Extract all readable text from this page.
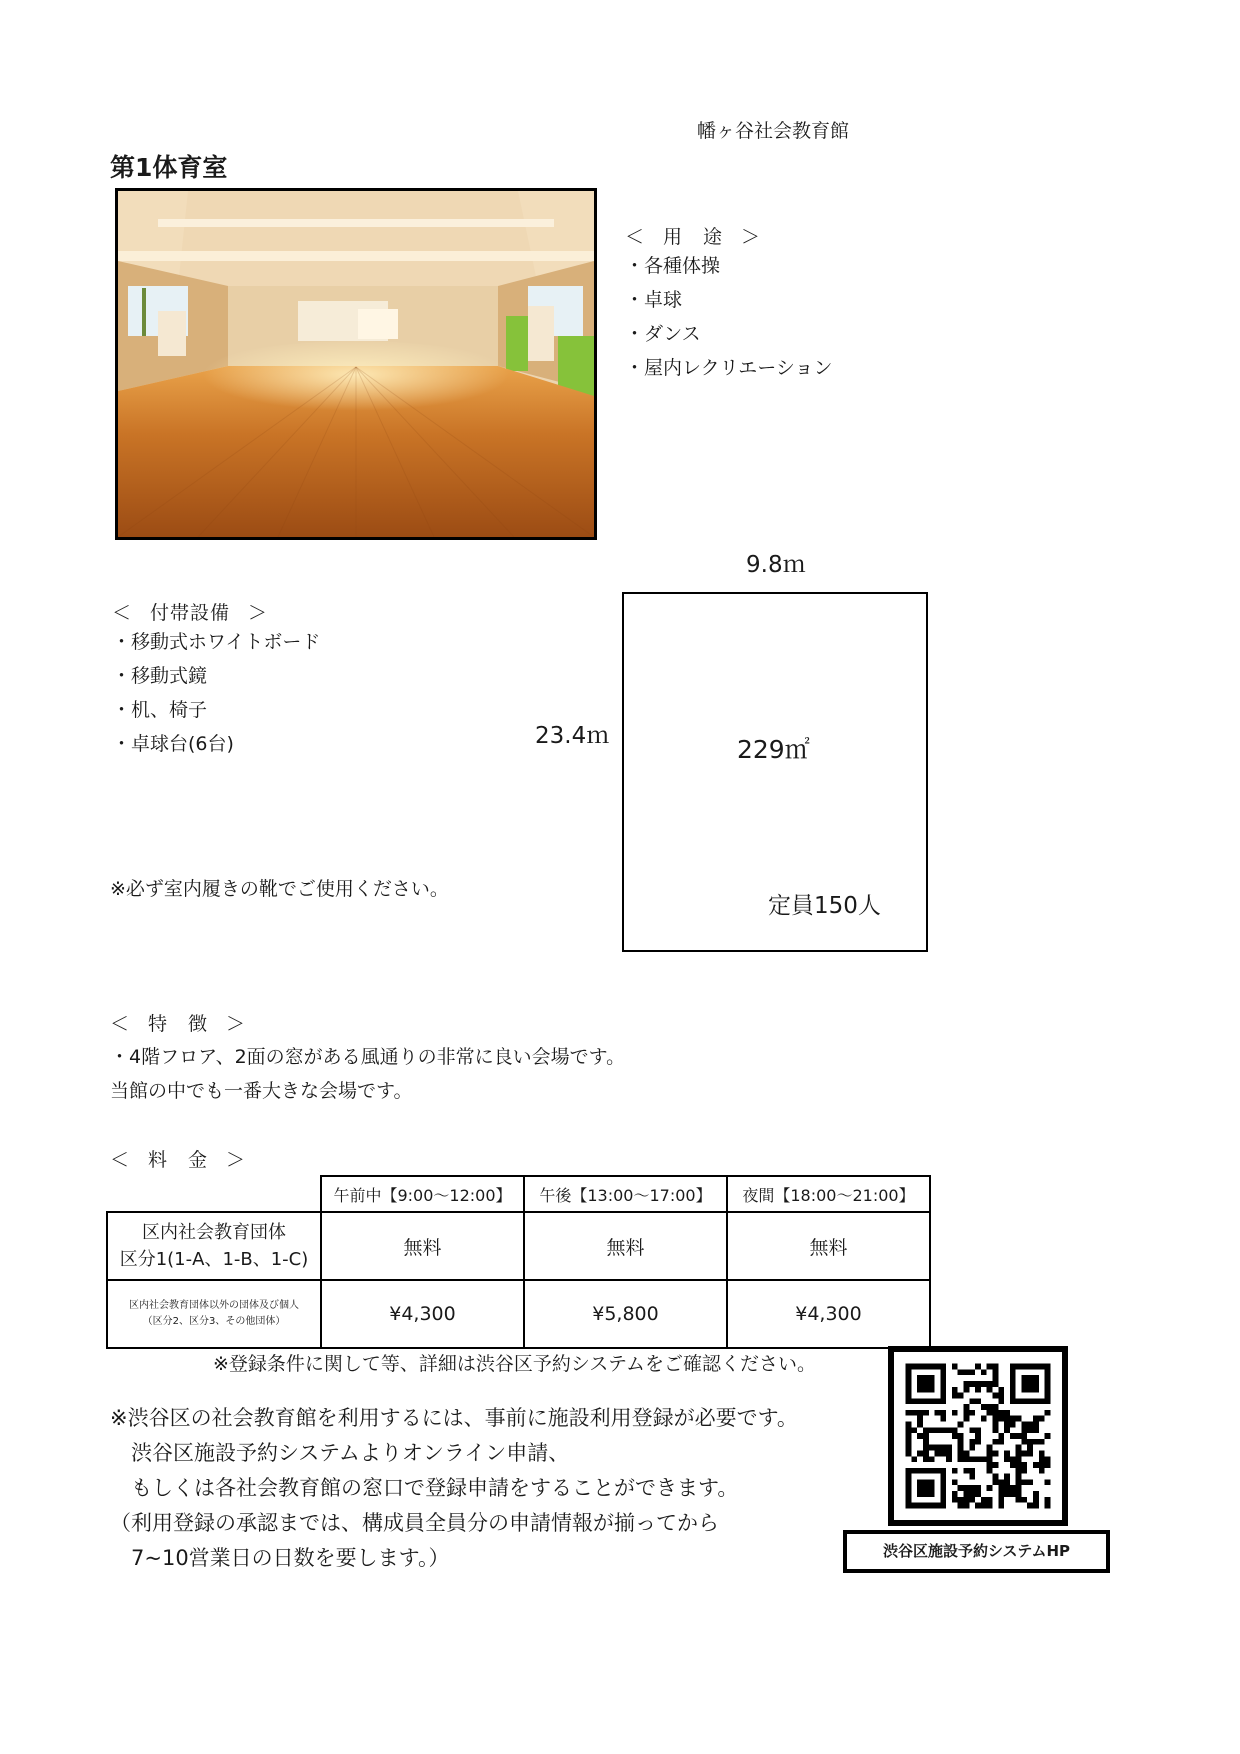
幡ヶ谷社会教育館
第1体育室
＜ 用　途 ＞
・各種体操
・卓球
・ダンス
・屋内レクリエーション
9.8ｍ
23.4ｍ	229㎡
定員150人
＜ 付帯設備 ＞
・移動式ホワイトボード
・移動式鏡
・机、椅子
・卓球台(6台)
※必ず室内履きの靴でご使用ください。
＜ 特　徴 ＞

・4階フロア、2面の窓がある風通りの非常に良い会場です。

当館の中でも一番大きな会場です。

＜ 料　金 ＞
	午前中【9:00～12:00】	午後【13:00～17:00】	夜間【18:00～21:00】

区内社会教育団体
区分1(1-A、1-B、1-C)	無料	無料	無料

区内社会教育団体以外の団体及び個人
（区分2、区分3、その他団体）	¥4,300	¥5,800	¥4,300
※登録条件に関して等、詳細は渋谷区予約システムをご確認ください。

※渋谷区の社会教育館を利用するには、事前に施設利用登録が必要です。

　渋谷区施設予約システムよりオンライン申請、

　もしくは各社会教育館の窓口で登録申請をすることができます。

（利用登録の承認までは、構成員全員分の申請情報が揃ってから

　7~10営業日の日数を要します。）	渋谷区施設予約システムHP
